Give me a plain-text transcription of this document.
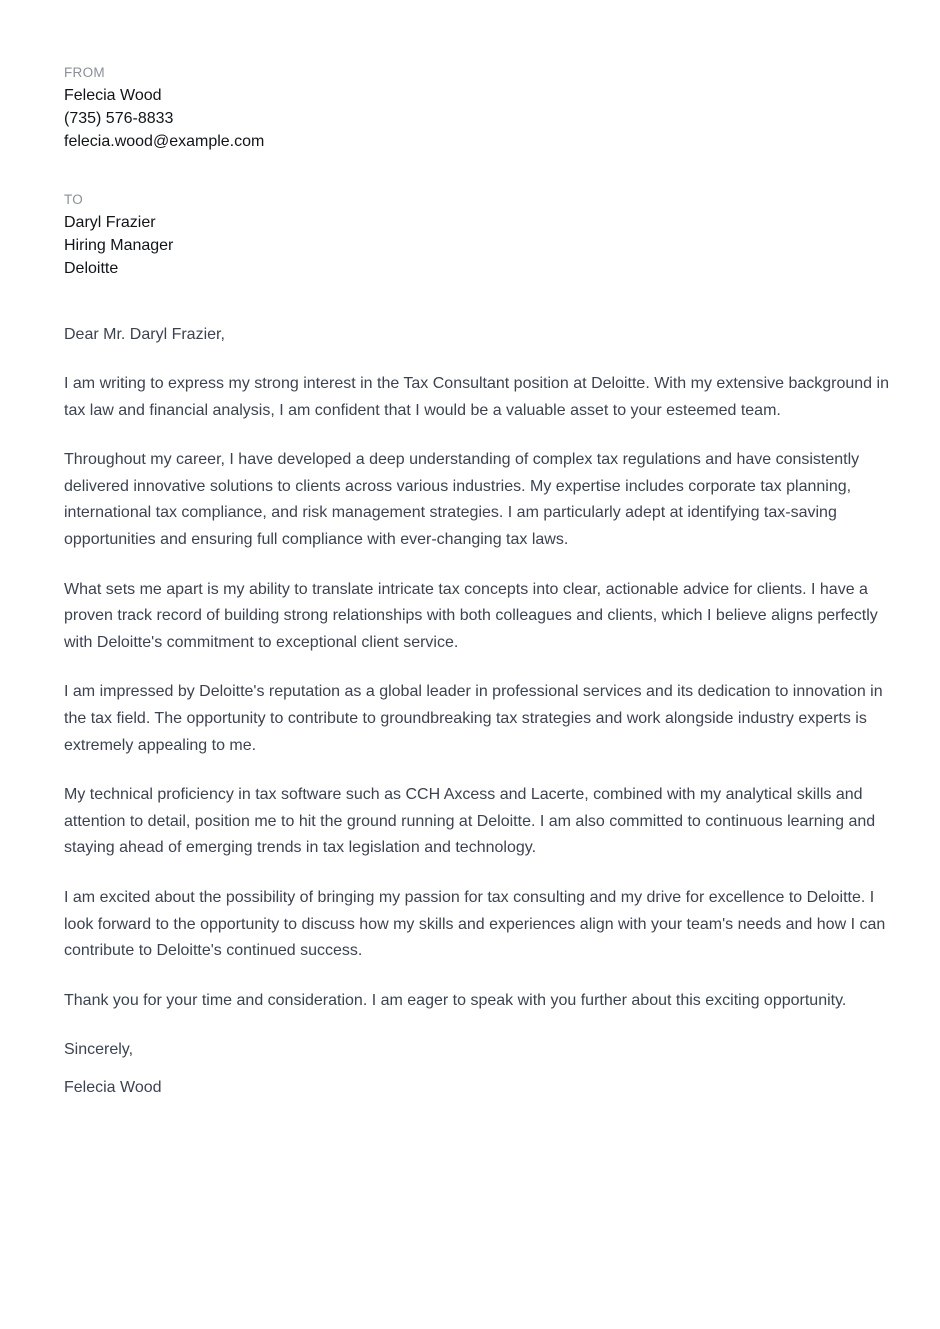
FROM
Felecia Wood
(735) 576-8833
felecia.wood@example.com
TO
Daryl Frazier
Hiring Manager
Deloitte
Dear Mr. Daryl Frazier,
I am writing to express my strong interest in the Tax Consultant position at Deloitte. With my extensive background in tax law and financial analysis, I am confident that I would be a valuable asset to your esteemed team.
Throughout my career, I have developed a deep understanding of complex tax regulations and have consistently delivered innovative solutions to clients across various industries. My expertise includes corporate tax planning, international tax compliance, and risk management strategies. I am particularly adept at identifying tax-saving opportunities and ensuring full compliance with ever-changing tax laws.
What sets me apart is my ability to translate intricate tax concepts into clear, actionable advice for clients. I have a proven track record of building strong relationships with both colleagues and clients, which I believe aligns perfectly with Deloitte's commitment to exceptional client service.
I am impressed by Deloitte's reputation as a global leader in professional services and its dedication to innovation in the tax field. The opportunity to contribute to groundbreaking tax strategies and work alongside industry experts is extremely appealing to me.
My technical proficiency in tax software such as CCH Axcess and Lacerte, combined with my analytical skills and attention to detail, position me to hit the ground running at Deloitte. I am also committed to continuous learning and staying ahead of emerging trends in tax legislation and technology.
I am excited about the possibility of bringing my passion for tax consulting and my drive for excellence to Deloitte. I look forward to the opportunity to discuss how my skills and experiences align with your team's needs and how I can contribute to Deloitte's continued success.
Thank you for your time and consideration. I am eager to speak with you further about this exciting opportunity.
Sincerely,
Felecia Wood
